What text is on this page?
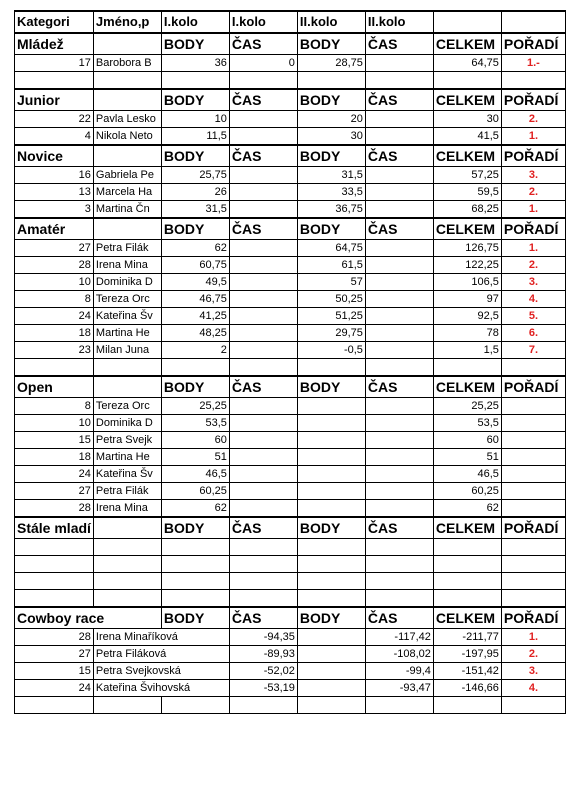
Kategori	Jméno,p	I.kolo	I.kolo	II.kolo	II.kolo		
Mládež		BODY	ČAS	BODY	ČAS	CELKEM	POŘADÍ
17	Barobora B	36	0	28,75		64,75	1.-

Junior		BODY	ČAS	BODY	ČAS	CELKEM	POŘADÍ
22	Pavla Lesko	10		20		30	2.
4	Nikola Neto	11,5		30		41,5	1.
Novice		BODY	ČAS	BODY	ČAS	CELKEM	POŘADÍ
16	Gabriela Pe	25,75		31,5		57,25	3.
13	Marcela Ha	26		33,5		59,5	2.
3	Martina Čn	31,5		36,75		68,25	1.
Amatér		BODY	ČAS	BODY	ČAS	CELKEM	POŘADÍ
27	Petra Filák	62		64,75		126,75	1.
28	Irena Mina	60,75		61,5		122,25	2.
10	Dominika D	49,5		57		106,5	3.
8	Tereza Orc	46,75		50,25		97	4.
24	Kateřina Šv	41,25		51,25		92,5	5.
18	Martina He	48,25		29,75		78	6.
23	Milan Juna	2		-0,5		1,5	7.

Open		BODY	ČAS	BODY	ČAS	CELKEM	POŘADÍ
8	Tereza Orc	25,25				25,25	
10	Dominika D	53,5				53,5	
15	Petra Svejk	60				60	
18	Martina He	51				51	
24	Kateřina Šv	46,5				46,5	
27	Petra Filák	60,25				60,25	
28	Irena Mina	62				62	
Stále mladí		BODY	ČAS	BODY	ČAS	CELKEM	POŘADÍ

Cowboy race		BODY	ČAS	BODY	ČAS	CELKEM	POŘADÍ
28	Irena Minaříková		-94,35		-117,42	-211,77	1.
27	Petra Filáková		-89,93		-108,02	-197,95	2.
15	Petra Svejkovská		-52,02		-99,4	-151,42	3.
24	Kateřina Švihovská		-53,19		-93,47	-146,66	4.
